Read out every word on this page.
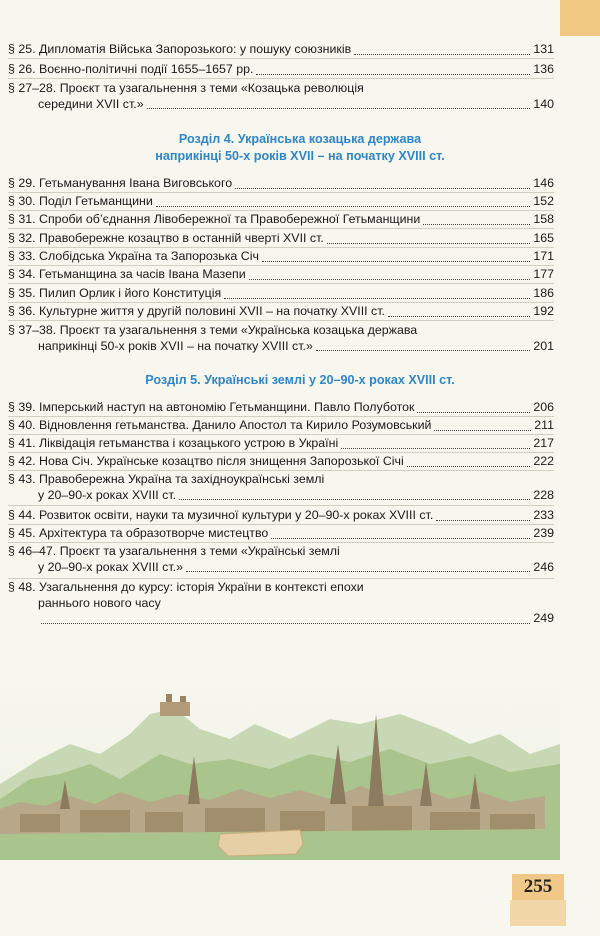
§ 25. Дипломатія Війська Запорозького: у пошуку союзників	131
§ 26. Воєнно-політичні події 1655–1657 рр.	136
§ 27–28. Проєкт та узагальнення з теми «Козацька революція
середини XVII ст.»	140
Розділ 4. Українська козацька держава
наприкінці 50-х років XVII – на початку XVIII ст.
§ 29. Гетьманування Івана Виговського	146
§ 30. Поділ Гетьманщини	152
§ 31. Спроби об’єднання Лівобережної та Правобережної Гетьманщини	158
§ 32. Правобережне козацтво в останній чверті XVII ст.	165
§ 33. Слобідська Україна та Запорозька Січ	171
§ 34. Гетьманщина за часів Івана Мазепи	177
§ 35. Пилип Орлик і його Конституція	186
§ 36. Культурне життя у другій половині XVII – на початку XVIII ст.	192
§ 37–38. Проєкт та узагальнення з теми «Українська козацька держава
наприкінці 50-х років XVII – на початку XVIII ст.»	201
Розділ 5. Українські землі у 20–90-х роках XVIII ст.
§ 39. Імперський наступ на автономію Гетьманщини. Павло Полуботок	206
§ 40. Відновлення гетьманства. Данило Апостол та Кирило Розумовський	211
§ 41. Ліквідація гетьманства і козацького устрою в Україні	217
§ 42. Нова Січ. Українське козацтво після знищення Запорозької Січі	222
§ 43. Правобережна Україна та західноукраїнські землі
у 20–90-х роках XVIII ст.	228
§ 44. Розвиток освіти, науки та музичної культури у 20–90-х роках XVIII ст.	233
§ 45. Архітектура та образотворче мистецтво	239
§ 46–47. Проєкт та узагальнення з теми «Українські землі
у 20–90-х роках XVIII ст.»	246
§ 48. Узагальнення до курсу: історія України в контексті епохи
раннього нового часу
249
255
